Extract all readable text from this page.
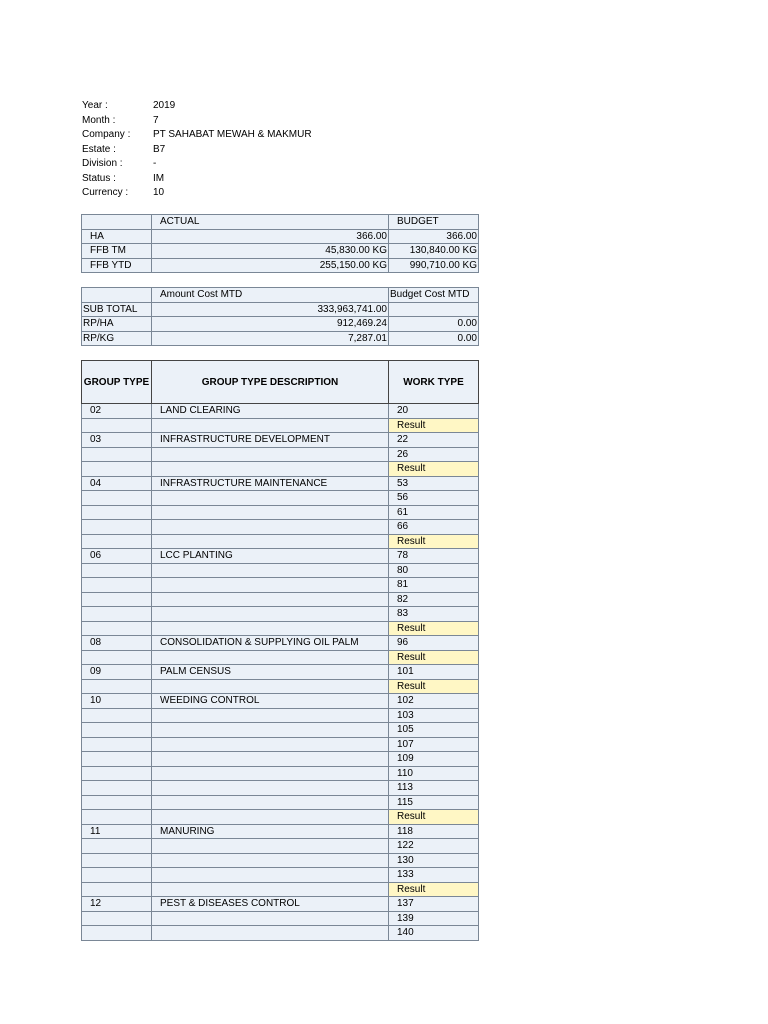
Year :	2019
Month :	7
Company :	PT SAHABAT MEWAH & MAKMUR
Estate :	B7
Division :	-
Status :	IM
Currency :	10
	ACTUAL	BUDGET
HA	366.00	366.00
FFB TM	45,830.00 KG	130,840.00 KG
FFB YTD	255,150.00 KG	990,710.00 KG
	Amount Cost MTD	Budget Cost MTD
SUB TOTAL	333,963,741.00	
RP/HA	912,469.24	0.00
RP/KG	7,287.01	0.00
GROUP TYPE	GROUP TYPE DESCRIPTION	WORK TYPE
02	LAND CLEARING	20
		Result
03	INFRASTRUCTURE DEVELOPMENT	22
		26
		Result
04	INFRASTRUCTURE MAINTENANCE	53
		56
		61
		66
		Result
06	LCC PLANTING	78
		80
		81
		82
		83
		Result
08	CONSOLIDATION & SUPPLYING OIL PALM	96
		Result
09	PALM CENSUS	101
		Result
10	WEEDING CONTROL	102
		103
		105
		107
		109
		110
		113
		115
		Result
11	MANURING	118
		122
		130
		133
		Result
12	PEST & DISEASES CONTROL	137
		139
		140
